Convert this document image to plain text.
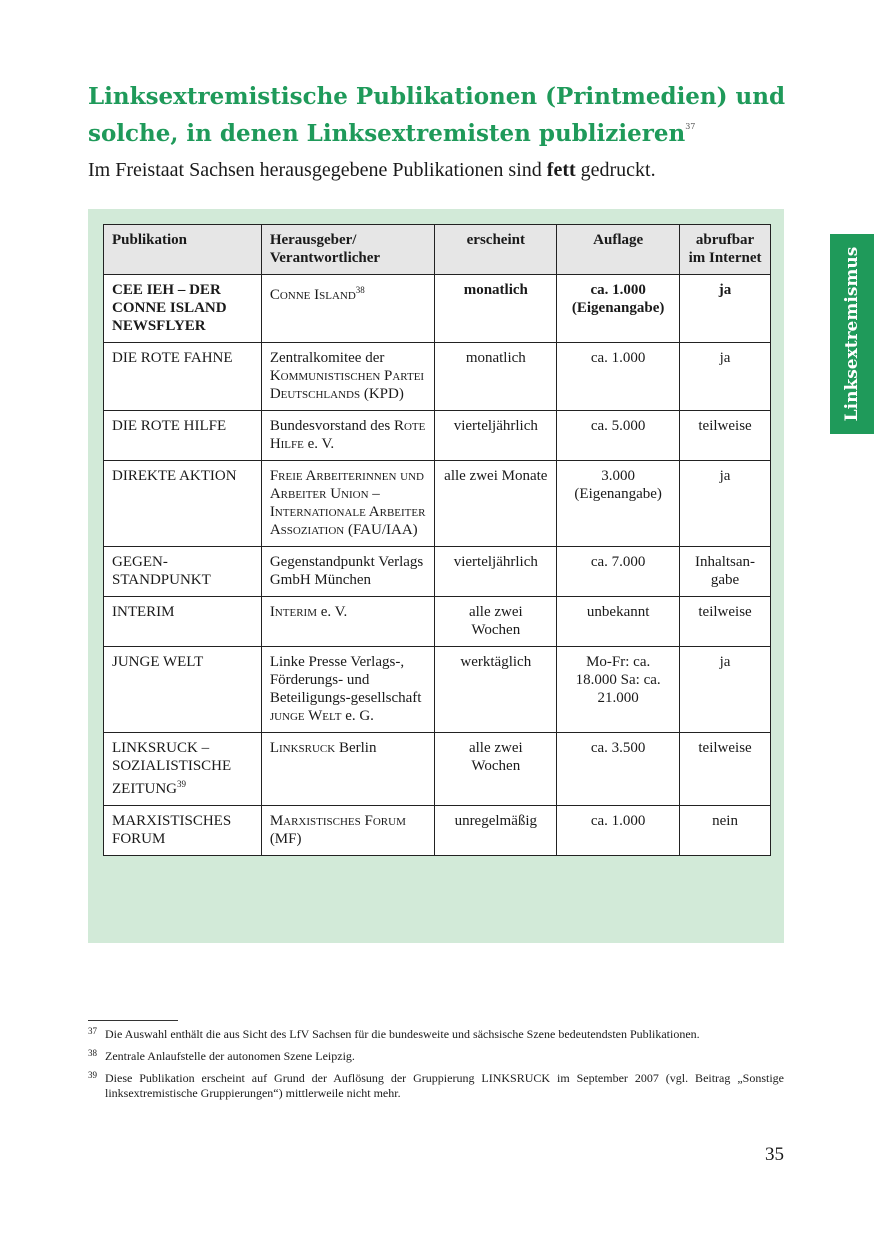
Linksextremistische Publikationen (Printmedien) und
solche, in denen Linksextremisten publizieren$^{37}$
Im Freistaat Sachsen herausgegebene Publikationen sind fett gedruckt.
Linksextremismus
Publikation	Herausgeber/ Verantwortlicher	erscheint	Auflage	abrufbar im Internet
CEE IEH – DER CONNE ISLAND NEWSFLYER	Conne Island$^{38}$	monatlich	ca. 1.000 (Eigenangabe)	ja
DIE ROTE FAHNE	Zentralkomitee der Kommunistischen Partei Deutschlands (KPD)	monatlich	ca. 1.000	ja
DIE ROTE HILFE	Bundesvorstand des Rote Hilfe e. V.	vierteljährlich	ca. 5.000	teilweise
DIREKTE AKTION	Freie Arbeiterinnen und Arbeiter Union – Internationale Arbeiter Assoziation (FAU/IAA)	alle zwei Monate	3.000 (Eigenangabe)	ja
GEGEN-STANDPUNKT	Gegenstandpunkt Verlags GmbH München	vierteljährlich	ca. 7.000	Inhaltsan-gabe
INTERIM	Interim e. V.	alle zwei Wochen	unbekannt	teilweise
JUNGE WELT	Linke Presse Verlags-, Förderungs- und Beteiligungs-gesellschaft junge Welt e. G.	werktäglich	Mo-Fr: ca. 18.000 Sa: ca. 21.000	ja
LINKSRUCK – SOZIALISTISCHE ZEITUNG$^{39}$	Linksruck Berlin	alle zwei Wochen	ca. 3.500	teilweise
MARXISTISCHES FORUM	Marxistisches Forum (MF)	unregelmäßig	ca. 1.000	nein
37 Die Auswahl enthält die aus Sicht des LfV Sachsen für die bundesweite und sächsische Szene bedeutendsten Publikationen.
38 Zentrale Anlaufstelle der autonomen Szene Leipzig.
39 Diese Publikation erscheint auf Grund der Auflösung der Gruppierung LINKSRUCK im September 2007 (vgl. Beitrag „Sonstige linksextremistische Gruppierungen“) mittlerweile nicht mehr.
35
